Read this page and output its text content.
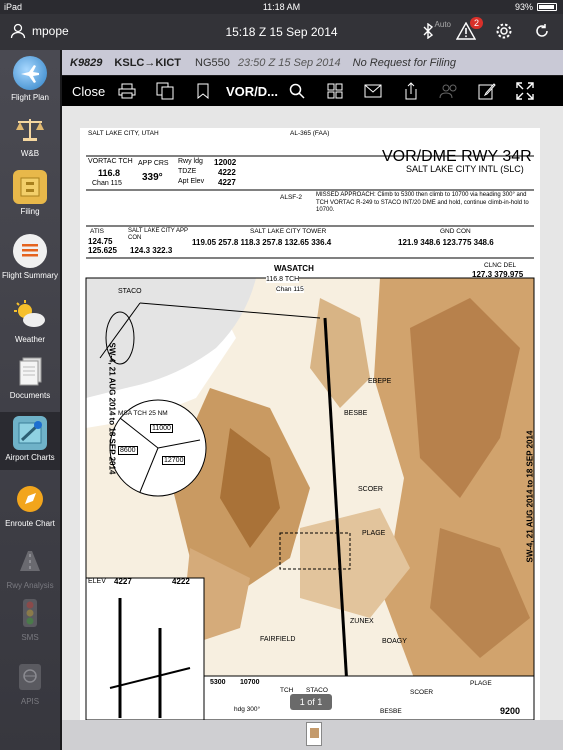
iPad	11:18 AM	93%
mpope	15:18 Z 15 Sep 2014
Auto	2
Flight Plan
W&B
Filing
Flight Summary
Weather
Documents
Airport Charts
Enroute Chart
Rwy Analysis
SMS
APIS
K9829 KSLC→KICT NG550 23:50 Z 15 Sep 2014 No Request for Filing
Close	VOR/D...
SALT LAKE CITY, UTAH	AL-365 (FAA)
VOR/DME RWY 34R
SALT LAKE CITY INTL (SLC)
VORTAC TCH
116.8
Chan 115
APP CRS
339°
Rwy ldg 12002
TDZE	4222
Apt Elev 4227
ALSF-2 MISSED APPROACH: Climb to 5300 then climb to 10700 via heading 300° and TCH VORTAC R-249 to STACO INT/20 DME and hold, continue climb-in-hold to 10700.
ATIS
124.75
125.625
SALT LAKE CITY APP CON
124.3 322.3
SALT LAKE CITY TOWER
119.05 257.8 118.3 257.8 132.65 336.4
GND CON
121.9 348.6 123.775 348.6
CLNC DEL
127.3 379.975
WASATCH
116.8 TCH
Chan 115
MSA TCH 25 NM
11000
8600
12700
STACO
EBEPE
BESBE
SCOER
PLAGE
ZUNEX
BOAGY
FAIRFIELD
SW-4, 21 AUG 2014 to 18 SEP 2014
SW-4, 21 AUG 2014 to 18 SEP 2014
ELEV 4227	4222
5300 10700
TCH STACO	SCOER
PLAGE
BESBE
hdg 300°	9200
1 of 1
